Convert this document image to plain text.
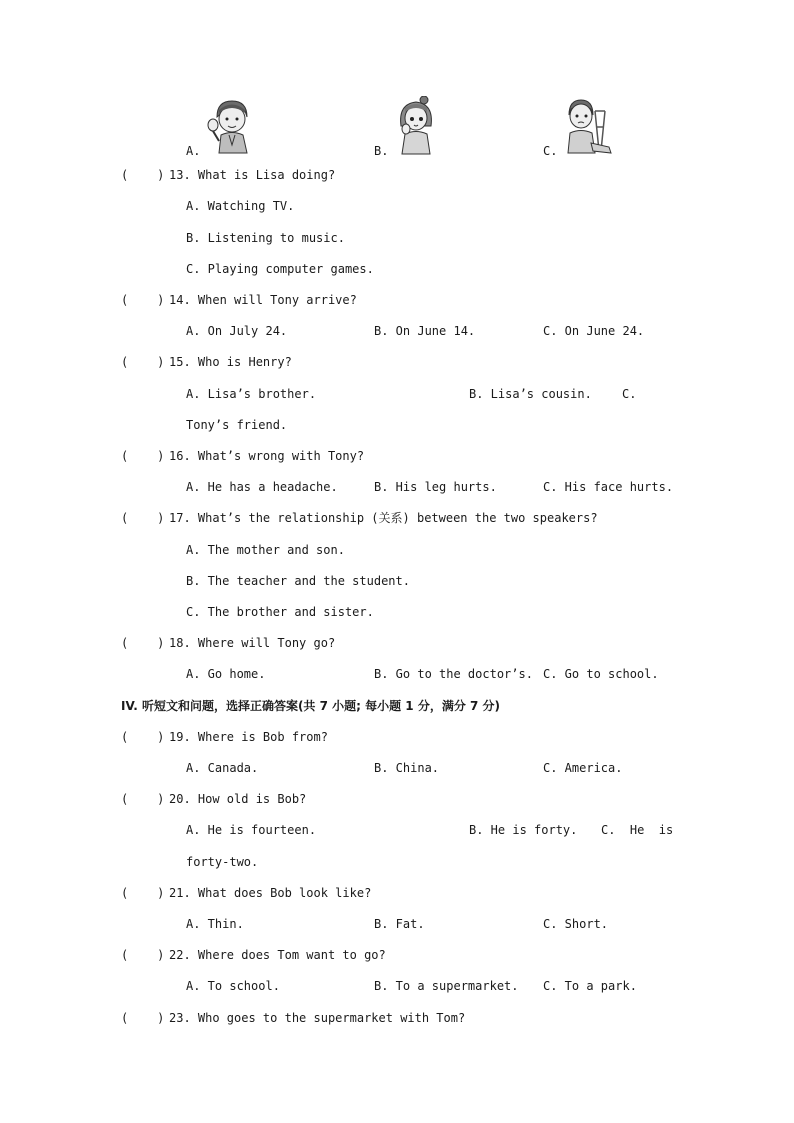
A.	B.	C.
(    ) 13. What is Lisa doing?
A. Watching TV.
B. Listening to music.
C. Playing computer games.
(    ) 14. When will Tony arrive?
A. On July 24.	B. On June 14.	C. On June 24.
(    ) 15. Who is Henry?
A. Lisa’s brother.	B. Lisa’s cousin.	C.
Tony’s friend.
(    ) 16. What’s wrong with Tony?
A. He has a headache.	B. His leg hurts.	C. His face hurts.
(    ) 17. What’s the relationship (关系) between the two speakers?
A. The mother and son.
B. The teacher and the student.
C. The brother and sister.
(    ) 18. Where will Tony go?
A. Go home.	B. Go to the doctor’s. C. Go to school.
IV. 听短文和问题，选择正确答案(共 7 小题; 每小题 1 分，满分 7 分)
(    ) 19. Where is Bob from?
A. Canada.	B. China.	C. America.
(    ) 20. How old is Bob?
A. He is fourteen.	B. He is forty. C.  He  is
forty-two.
(    ) 21. What does Bob look like?
A. Thin.	B. Fat.	C. Short.
(    ) 22. Where does Tom want to go?
A. To school.	B. To a supermarket. C. To a park.
(    ) 23. Who goes to the supermarket with Tom?
